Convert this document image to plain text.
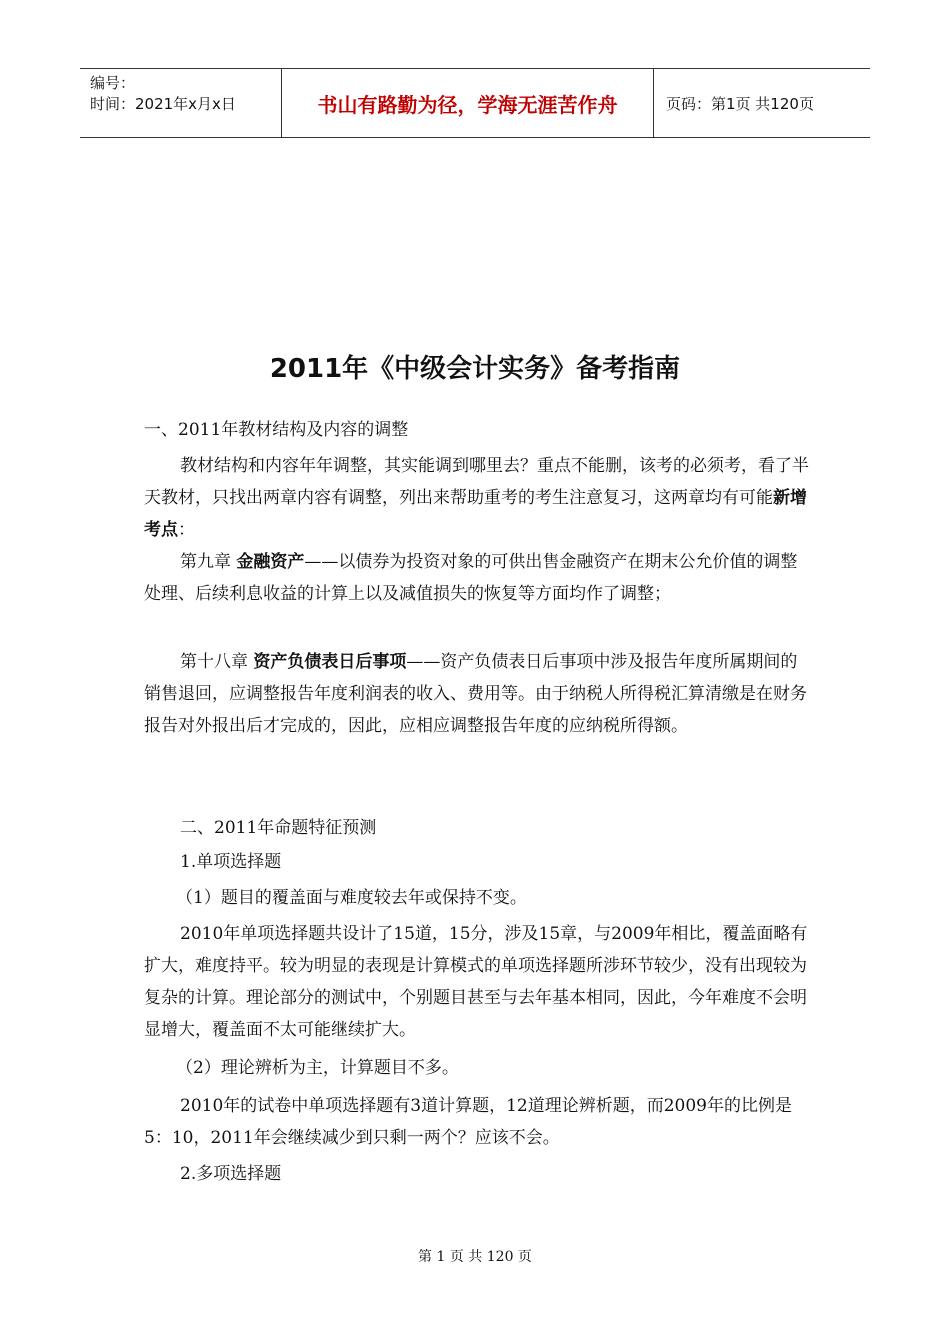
编号：
时间：2021年x月x日	书山有路勤为径，学海无涯苦作舟	页码：第1页 共120页
2011年《中级会计实务》备考指南

一、2011年教材结构及内容的调整

教材结构和内容年年调整，其实能调到哪里去？重点不能删，该考的必须考，看了半天教材，只找出两章内容有调整，列出来帮助重考的考生注意复习，这两章均有可能新增考点：

第九章 金融资产——以债券为投资对象的可供出售金融资产在期末公允价值的调整处理、后续利息收益的计算上以及减值损失的恢复等方面均作了调整；

第十八章 资产负债表日后事项——资产负债表日后事项中涉及报告年度所属期间的销售退回，应调整报告年度利润表的收入、费用等。由于纳税人所得税汇算清缴是在财务报告对外报出后才完成的，因此，应相应调整报告年度的应纳税所得额。

二、2011年命题特征预测

1.单项选择题

（1）题目的覆盖面与难度较去年或保持不变。

2010年单项选择题共设计了15道，15分，涉及15章，与2009年相比，覆盖面略有扩大，难度持平。较为明显的表现是计算模式的单项选择题所涉环节较少，没有出现较为复杂的计算。理论部分的测试中，个别题目甚至与去年基本相同，因此，今年难度不会明显增大，覆盖面不太可能继续扩大。

（2）理论辨析为主，计算题目不多。

2010年的试卷中单项选择题有3道计算题，12道理论辨析题，而2009年的比例是5：10，2011年会继续减少到只剩一两个？应该不会。

2.多项选择题

第 1 页 共 120 页
